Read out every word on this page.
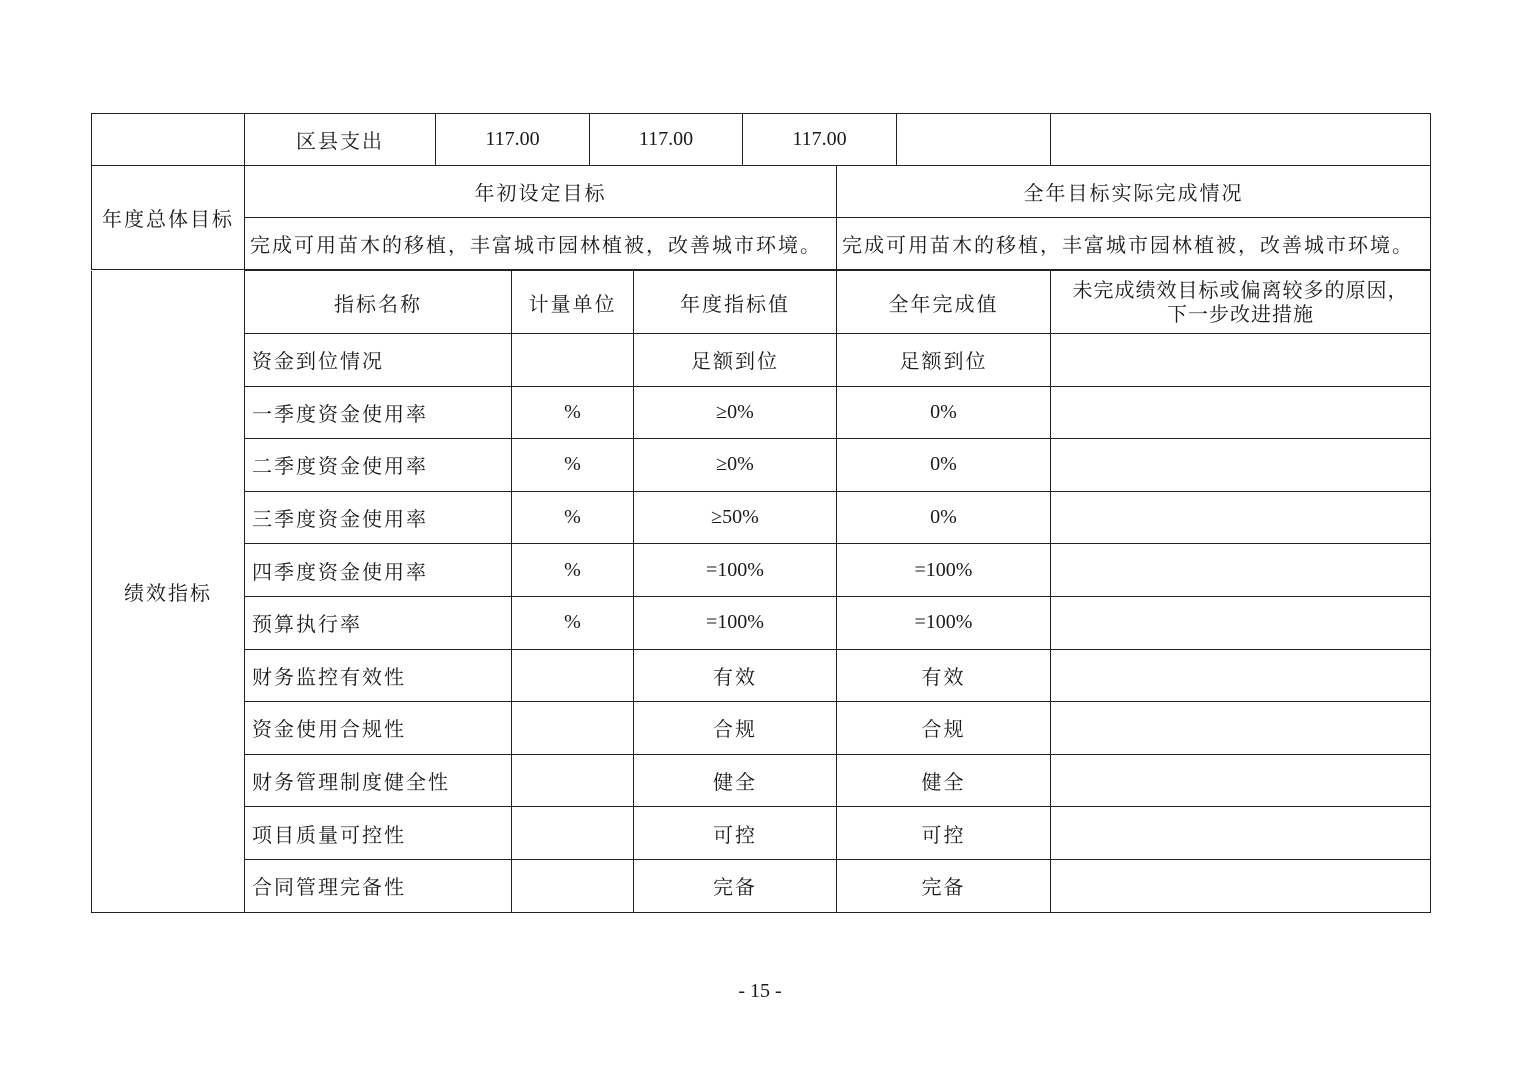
	区县支出	117.00	117.00	117.00			
年度总体目标	年初设定目标				全年目标实际完成情况		
	完成可用苗木的移植，丰富城市园林植被，改善城市环境。				完成可用苗木的移植，丰富城市园林植被，改善城市环境。		
绩效指标	指标名称	计量单位	年度指标值	全年完成值	未完成绩效目标或偏离较多的原因，
下一步改进措施

	资金到位情况		足额到位	足额到位	
	一季度资金使用率	%	≥0%	0%	
	二季度资金使用率	%	≥0%	0%	
	三季度资金使用率	%	≥50%	0%	
	四季度资金使用率	%	=100%	=100%	
	预算执行率	%	=100%	=100%	
	财务监控有效性		有效	有效	
	资金使用合规性		合规	合规	
	财务管理制度健全性		健全	健全	
	项目质量可控性		可控	可控	
	合同管理完备性		完备	完备	
- 15 -
